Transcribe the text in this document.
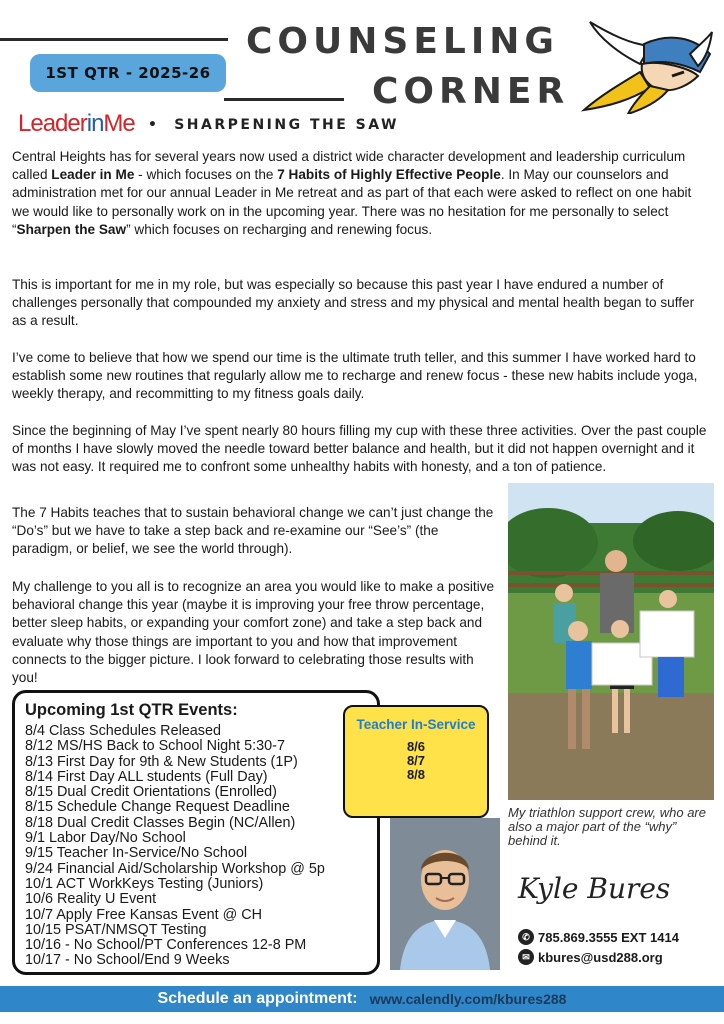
COUNSELING
CORNER
1ST QTR - 2025-26
LeaderinMe • SHARPENING THE SAW
Central Heights has for several years now used a district wide character development and leadership curriculum called Leader in Me - which focuses on the 7 Habits of Highly Effective People. In May our counselors and administration met for our annual Leader in Me retreat and as part of that each were asked to reflect on one habit we would like to personally work on in the upcoming year. There was no hesitation for me personally to select “Sharpen the Saw” which focuses on recharging and renewing focus.
This is important for me in my role, but was especially so because this past year I have endured a number of challenges personally that compounded my anxiety and stress and my physical and mental health began to suffer as a result.
I’ve come to believe that how we spend our time is the ultimate truth teller, and this summer I have worked hard to establish some new routines that regularly allow me to recharge and renew focus - these new habits include yoga, weekly therapy, and recommitting to my fitness goals daily.
Since the beginning of May I’ve spent nearly 80 hours filling my cup with these three activities. Over the past couple of months I have slowly moved the needle toward better balance and health, but it did not happen overnight and it was not easy. It required me to confront some unhealthy habits with honesty, and a ton of patience.
The 7 Habits teaches that to sustain behavioral change we can’t just change the “Do’s” but we have to take a step back and re-examine our “See’s” (the paradigm, or belief, we see the world through).
My challenge to you all is to recognize an area you would like to make a positive behavioral change this year (maybe it is improving your free throw percentage, better sleep habits, or expanding your comfort zone) and take a step back and evaluate why those things are important to you and how that improvement connects to the bigger picture. I look forward to celebrating those results with you!
My triathlon support crew, who are also a major part of the “why” behind it.
Upcoming 1st QTR Events:
8/4 Class Schedules Released
8/12 MS/HS Back to School Night 5:30-7
8/13 First Day for 9th & New Students (1P)
8/14 First Day ALL students (Full Day)
8/15 Dual Credit Orientations (Enrolled)
8/15 Schedule Change Request Deadline
8/18 Dual Credit Classes Begin (NC/Allen)
9/1 Labor Day/No School
9/15 Teacher In-Service/No School
9/24 Financial Aid/Scholarship Workshop @ 5p
10/1 ACT WorkKeys Testing (Juniors)
10/6 Reality U Event
10/7 Apply Free Kansas Event @ CH
10/15 PSAT/NMSQT Testing
10/16 - No School/PT Conferences 12-8 PM
10/17 - No School/End 9 Weeks
Teacher In-Service
8/6
8/7
8/8
Kyle Bures
✆ 785.869.3555 EXT 1414
✉ kbures@usd288.org
Schedule an appointment: www.calendly.com/kbures288
